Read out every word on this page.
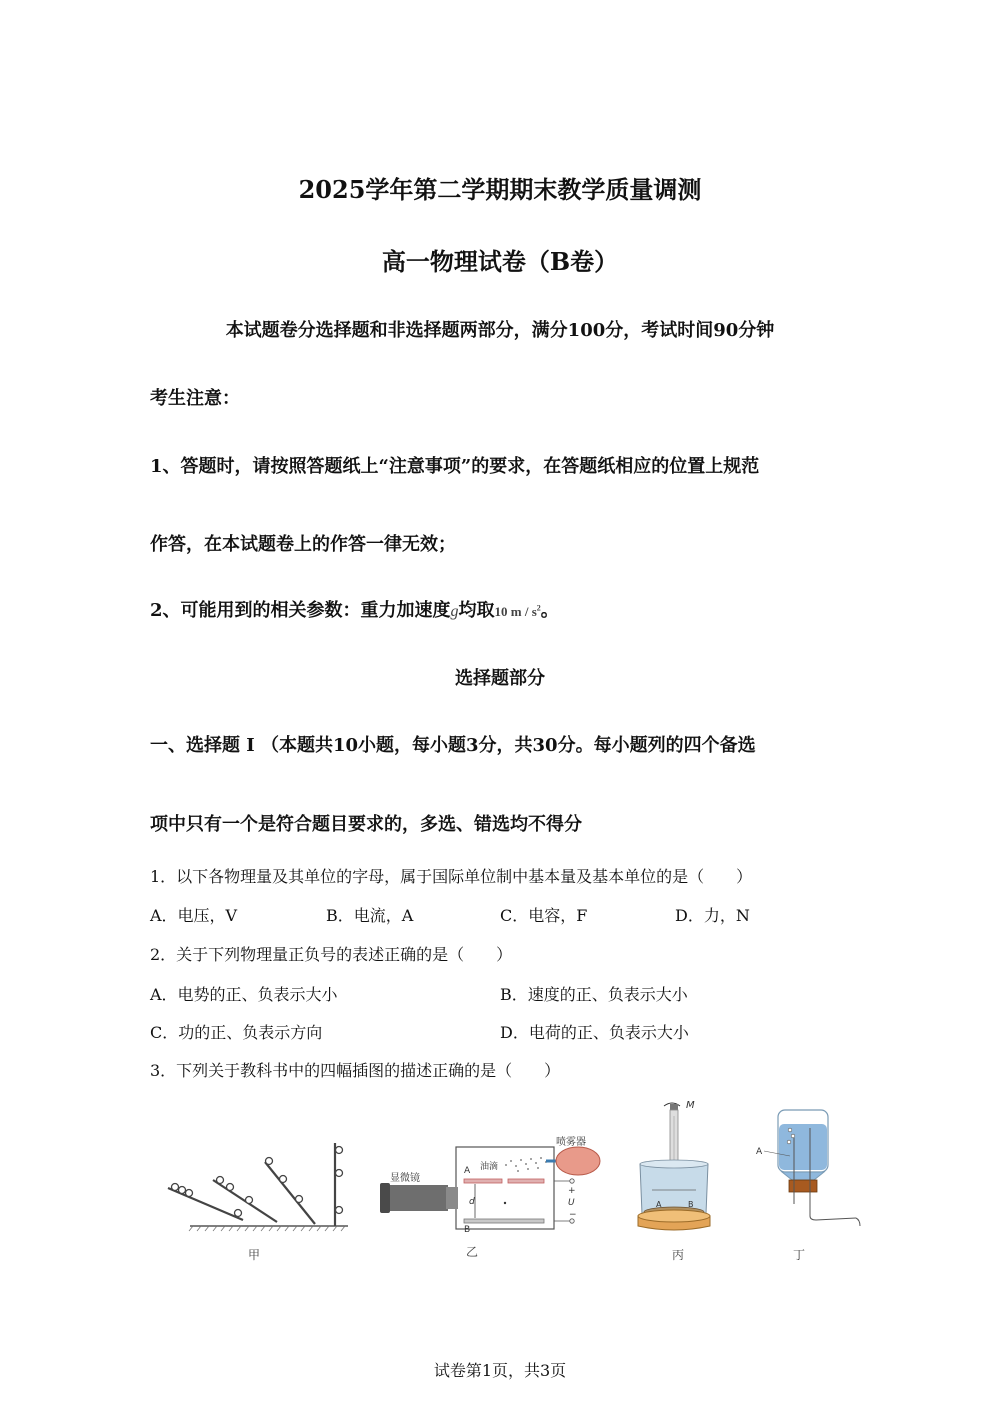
2025学年第二学期期末教学质量调测
高一物理试卷（B卷）
本试题卷分选择题和非选择题两部分，满分100分，考试时间90分钟
考生注意：
1、答题时，请按照答题纸上“注意事项”的要求，在答题纸相应的位置上规范
作答，在本试题卷上的作答一律无效；
2、可能用到的相关参数：重力加速度g均取10 m / $s^2$。
选择题部分
一、选择题 I （本题共10小题，每小题3分，共30分。每小题列的四个备选
项中只有一个是符合题目要求的，多选、错选均不得分
1．以下各物理量及其单位的字母，属于国际单位制中基本量及基本单位的是（　　）
A．电压，V	B．电流，A	C．电容，F	D．力，N
2．关于下列物理量正负号的表述正确的是（　　）
A．电势的正、负表示大小	B．速度的正、负表示大小
C．功的正、负表示方向	D．电荷的正、负表示大小
3．下列关于教科书中的四幅插图的描述正确的是（　　）
甲
显微镜
A 油滴
d
B
喷雾器
+
U
−
乙
M
A	B
丙
A
丁
试卷第1页，共3页
